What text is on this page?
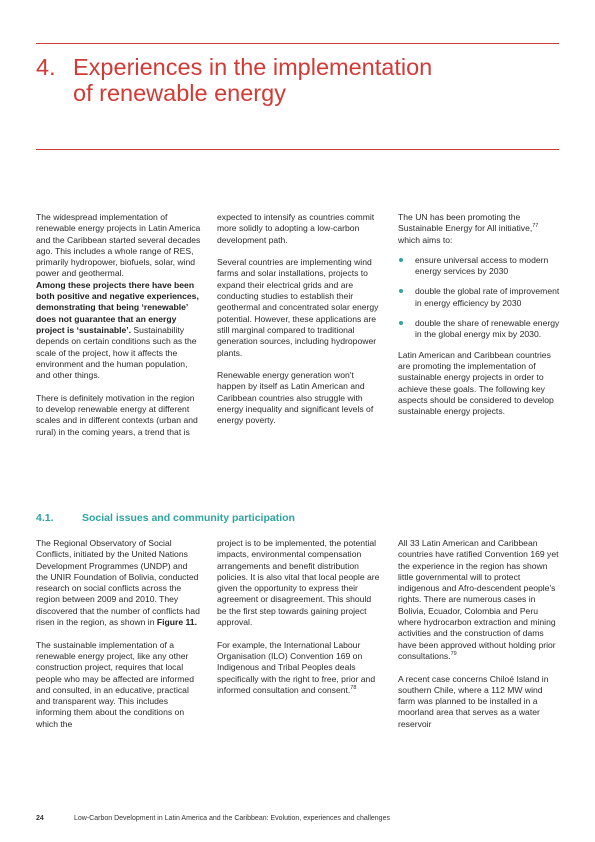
4. Experiences in the implementation
of renewable energy

The widespread implementation of renewable energy projects in Latin America and the Caribbean started several decades ago. This includes a whole range of RES, primarily hydropower, biofuels, solar, wind power and geothermal.
Among these projects there have been both positive and negative experiences, demonstrating that being ‘renewable’ does not guarantee that an energy project is ‘sustainable’. Sustainability depends on certain conditions such as the scale of the project, how it affects the environment and the human population, and other things.

There is definitely motivation in the region to develop renewable energy at different scales and in different contexts (urban and rural) in the coming years, a trend that is

expected to intensify as countries commit more solidly to adopting a low-carbon development path.

Several countries are implementing wind farms and solar installations, projects to expand their electrical grids and are conducting studies to establish their geothermal and concentrated solar energy potential. However, these applications are still marginal compared to traditional generation sources, including hydropower plants.

Renewable energy generation won't happen by itself as Latin American and Caribbean countries also struggle with energy inequality and significant levels of energy poverty.

The UN has been promoting the Sustainable Energy for All initiative,$^{77}$ which aims to:

ensure universal access to modern energy services by 2030
double the global rate of improvement in energy efficiency by 2030
double the share of renewable energy in the global energy mix by 2030.

Latin American and Caribbean countries are promoting the implementation of sustainable energy projects in order to achieve these goals. The following key aspects should be considered to develop sustainable energy projects.

4.1.	Social issues and community participation

The Regional Observatory of Social Conflicts, initiated by the United Nations Development Programmes (UNDP) and the UNIR Foundation of Bolivia, conducted research on social conflicts across the region between 2009 and 2010. They discovered that the number of conflicts had risen in the region, as shown in Figure 11.

The sustainable implementation of a renewable energy project, like any other construction project, requires that local people who may be affected are informed and consulted, in an educative, practical and transparent way. This includes informing them about the conditions on which the

project is to be implemented, the potential impacts, environmental compensation arrangements and benefit distribution policies. It is also vital that local people are given the opportunity to express their agreement or disagreement. This should be the first step towards gaining project approval.

For example, the International Labour Organisation (ILO) Convention 169 on Indigenous and Tribal Peoples deals specifically with the right to free, prior and informed consultation and consent.$^{78}$

All 33 Latin American and Caribbean countries have ratified Convention 169 yet the experience in the region has shown little governmental will to protect indigenous and Afro-descendent people's rights. There are numerous cases in Bolivia, Ecuador, Colombia and Peru where hydrocarbon extraction and mining activities and the construction of dams have been approved without holding prior consultations.$^{79}$

A recent case concerns Chiloé Island in southern Chile, where a 112 MW wind farm was planned to be installed in a moorland area that serves as a water reservoir

24	Low-Carbon Development in Latin America and the Caribbean: Evolution, experiences and challenges
